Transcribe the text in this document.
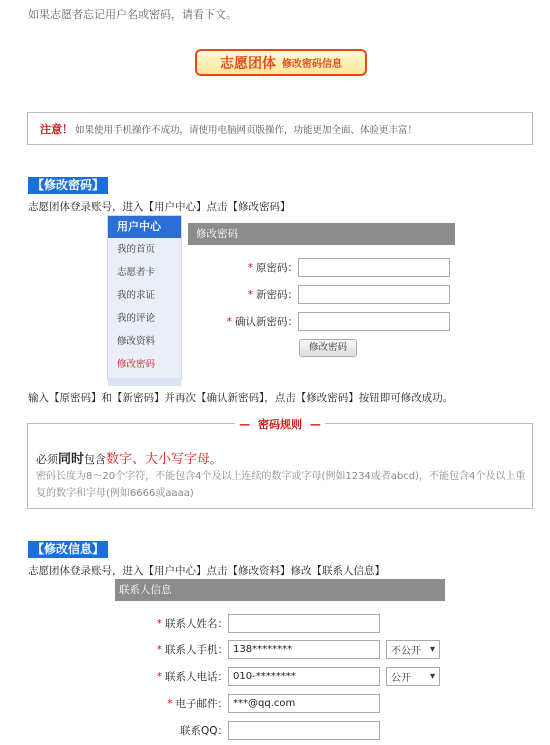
如果志愿者忘记用户名或密码，请看下文。
志愿团体 修改密码信息
注意！ 如果使用手机操作不成功，请使用电脑网页版操作，功能更加全面、体验更丰富！
【修改密码】
志愿团体登录账号，进入【用户中心】点击【修改密码】
用户中心
我的首页
志愿者卡
我的求证
我的评论
修改资料
修改密码
修改密码
* 原密码：
* 新密码：
* 确认新密码：
修改密码
输入【原密码】和【新密码】并再次【确认新密码】，点击【修改密码】按钮即可修改成功。
— 密码规则 —
必须同时包含数字、大小写字母。
密码长度为8～20个字符，不能包含4个及以上连续的数字或字母(例如1234或者abcd)，不能包含4个及以上重复的数字和字母(例如6666或aaaa)
【修改信息】
志愿团体登录账号，进入【用户中心】点击【修改资料】修改【联系人信息】
联系人信息
* 联系人姓名：
* 联系人手机：
138********	不公开 ▾
* 联系人电话：
010-********	公开 ▾
* 电子邮件：
***@qq.com
联系QQ：
